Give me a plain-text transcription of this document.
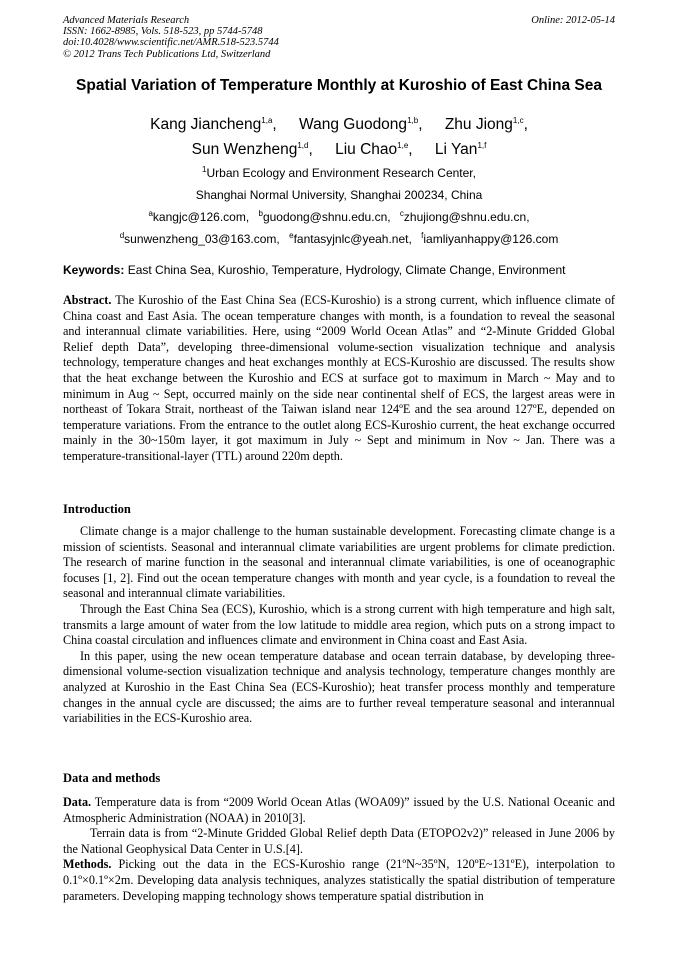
Advanced Materials Research
ISSN: 1662-8985, Vols. 518-523, pp 5744-5748
doi:10.4028/www.scientific.net/AMR.518-523.5744
© 2012 Trans Tech Publications Ltd, Switzerland
Online: 2012-05-14
Spatial Variation of Temperature Monthly at Kuroshio of East China Sea
Kang Jiancheng$^{1,a}$, Wang Guodong$^{1,b}$, Zhu Jiong$^{1,c}$,
Sun Wenzheng$^{1,d}$, Liu Chao$^{1,e}$, Li Yan$^{1,f}$
$^1$Urban Ecology and Environment Research Center,
Shanghai Normal University, Shanghai 200234, China
$^a$kangjc@126.com, $^b$guodong@shnu.edu.cn, $^c$zhujiong@shnu.edu.cn,
$^d$sunwenzheng_03@163.com, $^e$fantasyjnlc@yeah.net, $^f$iamliyanhappy@126.com
Keywords: East China Sea, Kuroshio, Temperature, Hydrology, Climate Change, Environment

Abstract. The Kuroshio of the East China Sea (ECS-Kuroshio) is a strong current, which influence climate of China coast and East Asia. The ocean temperature changes with month, is a foundation to reveal the seasonal and interannual climate variabilities. Here, using “2009 World Ocean Atlas” and “2-Minute Gridded Global Relief depth Data”, developing three-dimensional volume-section visualization technique and analysis technology, temperature changes and heat exchanges monthly at ECS-Kuroshio are discussed. The results show that the heat exchange between the Kuroshio and ECS at surface got to maximum in March ~ May and to minimum in Aug ~ Sept, occurred mainly on the side near continental shelf of ECS, the largest areas were in northeast of Tokara Strait, northeast of the Taiwan island near 124ºE and the sea around 127ºE, depended on temperature variations. From the entrance to the outlet along ECS-Kuroshio current, the heat exchange occurred mainly in the 30~150m layer, it got maximum in July ~ Sept and minimum in Nov ~ Jan. There was a temperature-transitional-layer (TTL) around 220m depth.

Introduction

Climate change is a major challenge to the human sustainable development. Forecasting climate change is a mission of scientists. Seasonal and interannual climate variabilities are urgent problems for climate prediction. The research of marine function in the seasonal and interannual climate variabilities, is one of oceanographic focuses [1, 2]. Find out the ocean temperature changes with month and year cycle, is a foundation to reveal the seasonal and interannual climate variabilities.

Through the East China Sea (ECS), Kuroshio, which is a strong current with high temperature and high salt, transmits a large amount of water from the low latitude to middle area region, which puts on a strong impact to China coastal circulation and influences climate and environment in China coast and East Asia.

In this paper, using the new ocean temperature database and ocean terrain database, by developing three-dimensional volume-section visualization technique and analysis technology, temperature changes monthly are analyzed at Kuroshio in the East China Sea (ECS-Kuroshio); heat transfer process monthly and temperature changes in the annual cycle are discussed; the aims are to further reveal temperature seasonal and interannual variabilities in the ECS-Kuroshio area.

Data and methods

Data. Temperature data is from “2009 World Ocean Atlas (WOA09)” issued by the U.S. National Oceanic and Atmospheric Administration (NOAA) in 2010[3].

Terrain data is from “2-Minute Gridded Global Relief depth Data (ETOPO2v2)” released in June 2006 by the National Geophysical Data Center in U.S.[4].

Methods. Picking out the data in the ECS-Kuroshio range (21ºN~35ºN, 120ºE~131ºE), interpolation to 0.1º×0.1º×2m. Developing data analysis techniques, analyzes statistically the spatial distribution of temperature parameters. Developing mapping technology shows temperature spatial distribution in
